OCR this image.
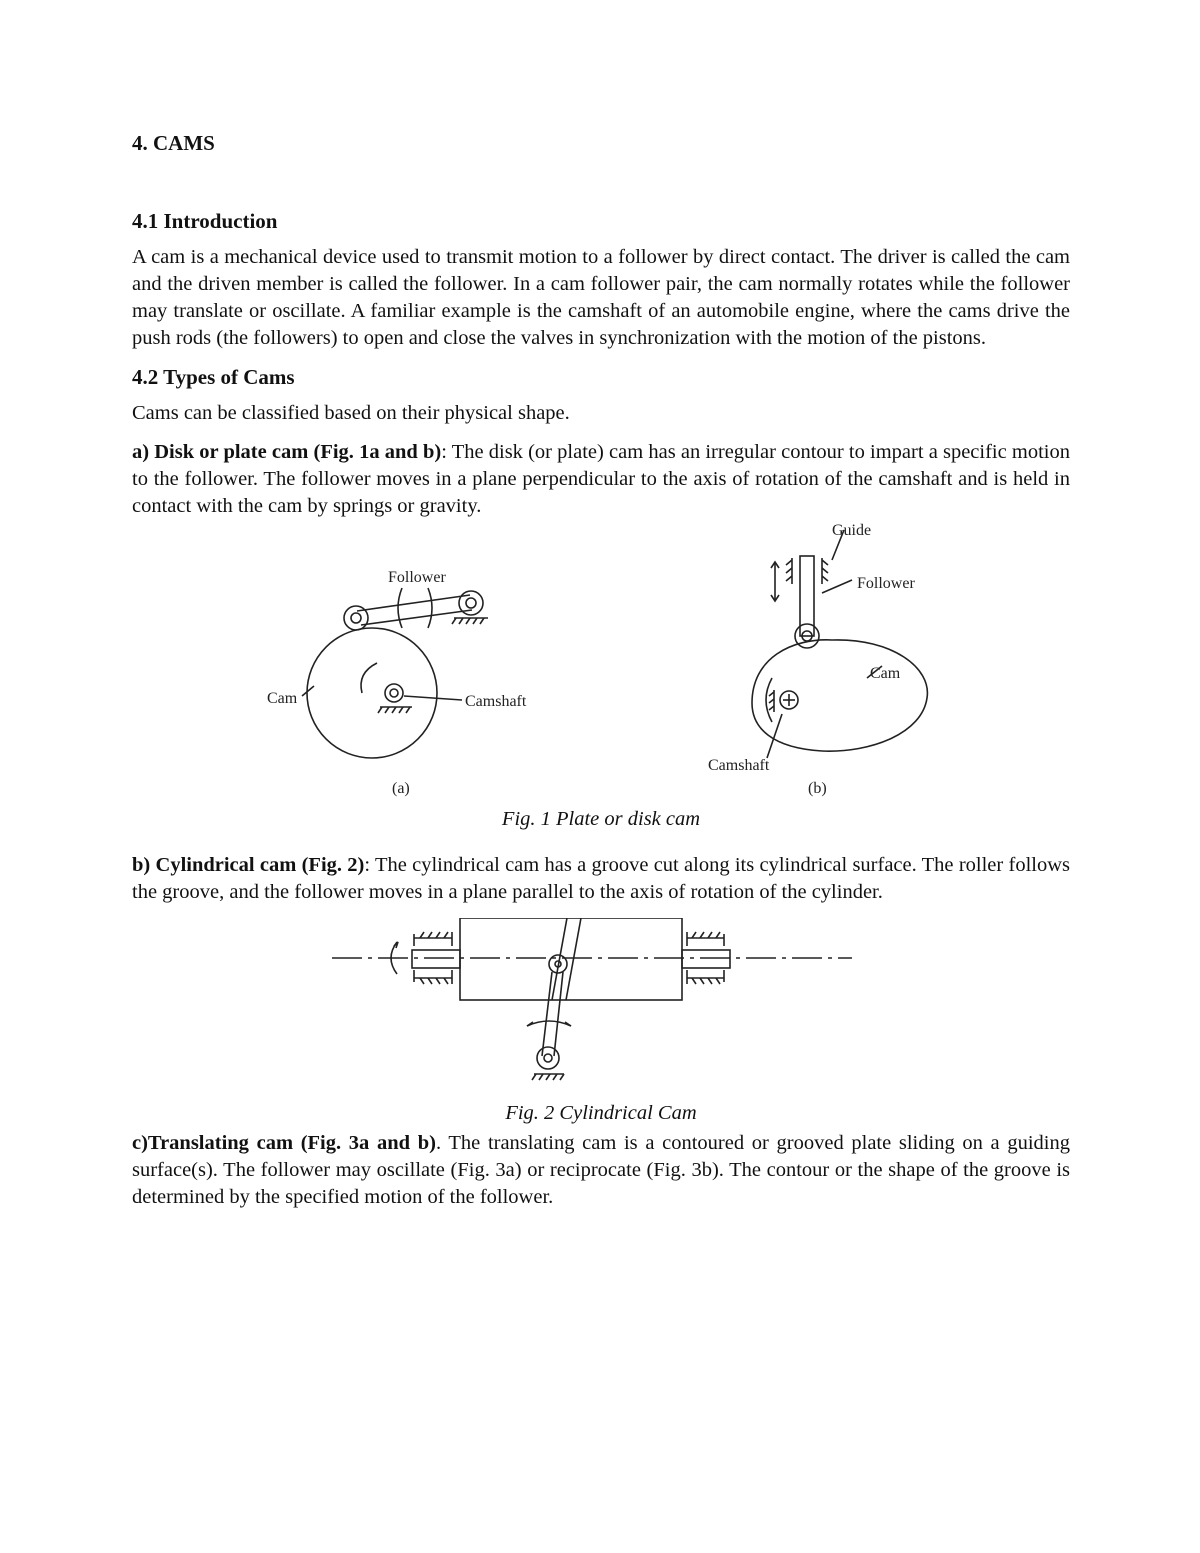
4. CAMS
4.1 Introduction

A cam is a mechanical device used to transmit motion to a follower by direct contact. The driver is called the cam and the driven member is called the follower. In a cam follower pair, the cam normally rotates while the follower may translate or oscillate. A familiar example is the camshaft of an automobile engine, where the cams drive the push rods (the followers) to open and close the valves in synchronization with the motion of the pistons.

4.2 Types of Cams

Cams can be classified based on their physical shape.

a) Disk or plate cam (Fig. 1a and b): The disk (or plate) cam has an irregular contour to impart a specific motion to the follower. The follower moves in a plane perpendicular to the axis of rotation of the camshaft and is held in contact with the cam by springs or gravity.

Follower
Cam	Camshaft
(a)
Guide
Follower
Cam
Camshaft
(b)
Fig. 1 Plate or disk cam

b) Cylindrical cam (Fig. 2): The cylindrical cam has a groove cut along its cylindrical surface. The roller follows the groove, and the follower moves in a plane parallel to the axis of rotation of the cylinder.

Fig. 2 Cylindrical Cam

c)Translating cam (Fig. 3a and b). The translating cam is a contoured or grooved plate sliding on a guiding surface(s). The follower may oscillate (Fig. 3a) or reciprocate (Fig. 3b). The contour or the shape of the groove is determined by the specified motion of the follower.
